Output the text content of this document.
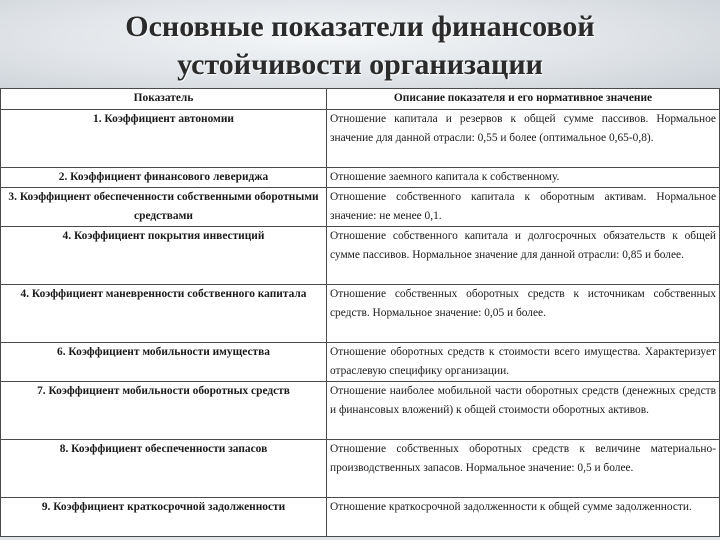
Основные показатели финансовой
устойчивости организации
Показатель	Описание показателя и его нормативное значение
1. Коэффициент автономии	Отношение капитала и резервов к общей сумме пассивов. Нормальное значение для данной отрасли: 0,55 и более (оптимальное 0,65-0,8).
2. Коэффициент финансового левериджа	Отношение заемного капитала к собственному.
3. Коэффициент обеспеченности собственными оборотными средствами	Отношение собственного капитала к оборотным активам. Нормальное значение: не менее 0,1.
4. Коэффициент покрытия инвестиций	Отношение собственного капитала и долгосрочных обязательств к общей сумме пассивов. Нормальное значение для данной отрасли: 0,85 и более.
4. Коэффициент маневренности собственного капитала	Отношение собственных оборотных средств к источникам собственных средств. Нормальное значение: 0,05 и более.
6. Коэффициент мобильности имущества	Отношение оборотных средств к стоимости всего имущества. Характеризует отраслевую специфику организации.
7. Коэффициент мобильности оборотных средств	Отношение наиболее мобильной части оборотных средств (денежных средств и финансовых вложений) к общей стоимости оборотных активов.
8. Коэффициент обеспеченности запасов	Отношение собственных оборотных средств к величине материально-производственных запасов. Нормальное значение: 0,5 и более.
9. Коэффициент краткосрочной задолженности	Отношение краткосрочной задолженности к общей сумме задолженности.
